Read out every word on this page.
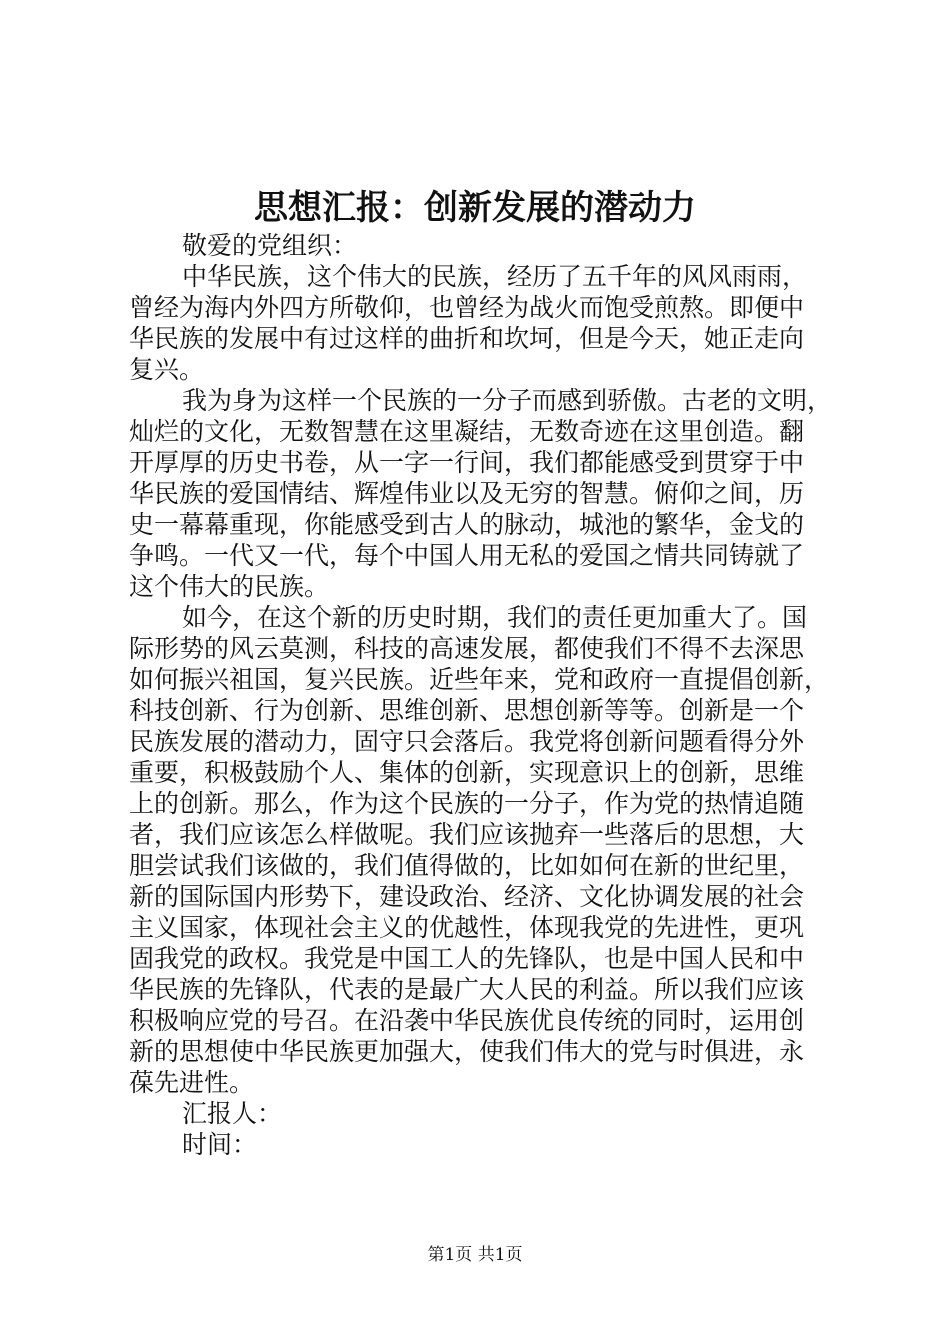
思想汇报：创新发展的潜动力
敬爱的党组织：
中华民族，这个伟大的民族，经历了五千年的风风雨雨，
曾经为海内外四方所敬仰，也曾经为战火而饱受煎熬。即便中
华民族的发展中有过这样的曲折和坎坷，但是今天，她正走向
复兴。
我为身为这样一个民族的一分子而感到骄傲。古老的文明，
灿烂的文化，无数智慧在这里凝结，无数奇迹在这里创造。翻
开厚厚的历史书卷，从一字一行间，我们都能感受到贯穿于中
华民族的爱国情结、辉煌伟业以及无穷的智慧。俯仰之间，历
史一幕幕重现，你能感受到古人的脉动，城池的繁华，金戈的
争鸣。一代又一代，每个中国人用无私的爱国之情共同铸就了
这个伟大的民族。
如今，在这个新的历史时期，我们的责任更加重大了。国
际形势的风云莫测，科技的高速发展，都使我们不得不去深思
如何振兴祖国，复兴民族。近些年来，党和政府一直提倡创新，
科技创新、行为创新、思维创新、思想创新等等。创新是一个
民族发展的潜动力，固守只会落后。我党将创新问题看得分外
重要，积极鼓励个人、集体的创新，实现意识上的创新，思维
上的创新。那么，作为这个民族的一分子，作为党的热情追随
者，我们应该怎么样做呢。我们应该抛弃一些落后的思想，大
胆尝试我们该做的，我们值得做的，比如如何在新的世纪里，
新的国际国内形势下，建设政治、经济、文化协调发展的社会
主义国家，体现社会主义的优越性，体现我党的先进性，更巩
固我党的政权。我党是中国工人的先锋队，也是中国人民和中
华民族的先锋队，代表的是最广大人民的利益。所以我们应该
积极响应党的号召。在沿袭中华民族优良传统的同时，运用创
新的思想使中华民族更加强大，使我们伟大的党与时俱进，永
葆先进性。
汇报人：
时间：
第1页 共1页
